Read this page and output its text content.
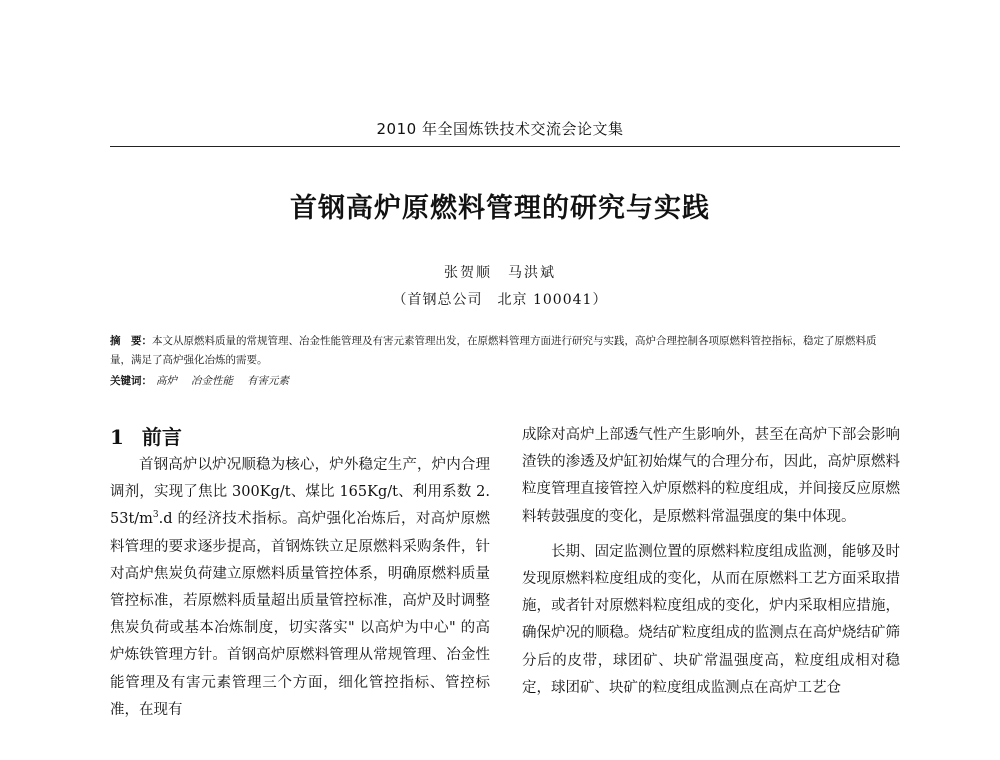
2010 年全国炼铁技术交流会论文集
首钢高炉原燃料管理的研究与实践
张贺顺　马洪斌
（首钢总公司　北京 100041）
摘　要：本文从原燃料质量的常规管理、冶金性能管理及有害元素管理出发，在原燃料管理方面进行研究与实践，高炉合理控制各项原燃料管控指标，稳定了原燃料质量，满足了高炉强化冶炼的需要。
关键词： 高炉 冶金性能 有害元素
1 前言

首钢高炉以炉况顺稳为核心，炉外稳定生产，炉内合理调剂，实现了焦比 300Kg/t、煤比 165Kg/t、利用系数 $2.53t/m^3.d$ 的经济技术指标。高炉强化冶炼后，对高炉原燃料管理的要求逐步提高，首钢炼铁立足原燃料采购条件，针对高炉焦炭负荷建立原燃料质量管控体系，明确原燃料质量管控标准，若原燃料质量超出质量管控标准，高炉及时调整焦炭负荷或基本冶炼制度，切实落实" 以高炉为中心" 的高炉炼铁管理方针。首钢高炉原燃料管理从常规管理、冶金性能管理及有害元素管理三个方面，细化管控指标、管控标准，在现有

成除对高炉上部透气性产生影响外，甚至在高炉下部会影响渣铁的渗透及炉缸初始煤气的合理分布，因此，高炉原燃料粒度管理直接管控入炉原燃料的粒度组成，并间接反应原燃料转鼓强度的变化，是原燃料常温强度的集中体现。

长期、固定监测位置的原燃料粒度组成监测，能够及时发现原燃料粒度组成的变化，从而在原燃料工艺方面采取措施，或者针对原燃料粒度组成的变化，炉内采取相应措施，确保炉况的顺稳。烧结矿粒度组成的监测点在高炉烧结矿筛分后的皮带，球团矿、块矿常温强度高，粒度组成相对稳定，球团矿、块矿的粒度组成监测点在高炉工艺仓
